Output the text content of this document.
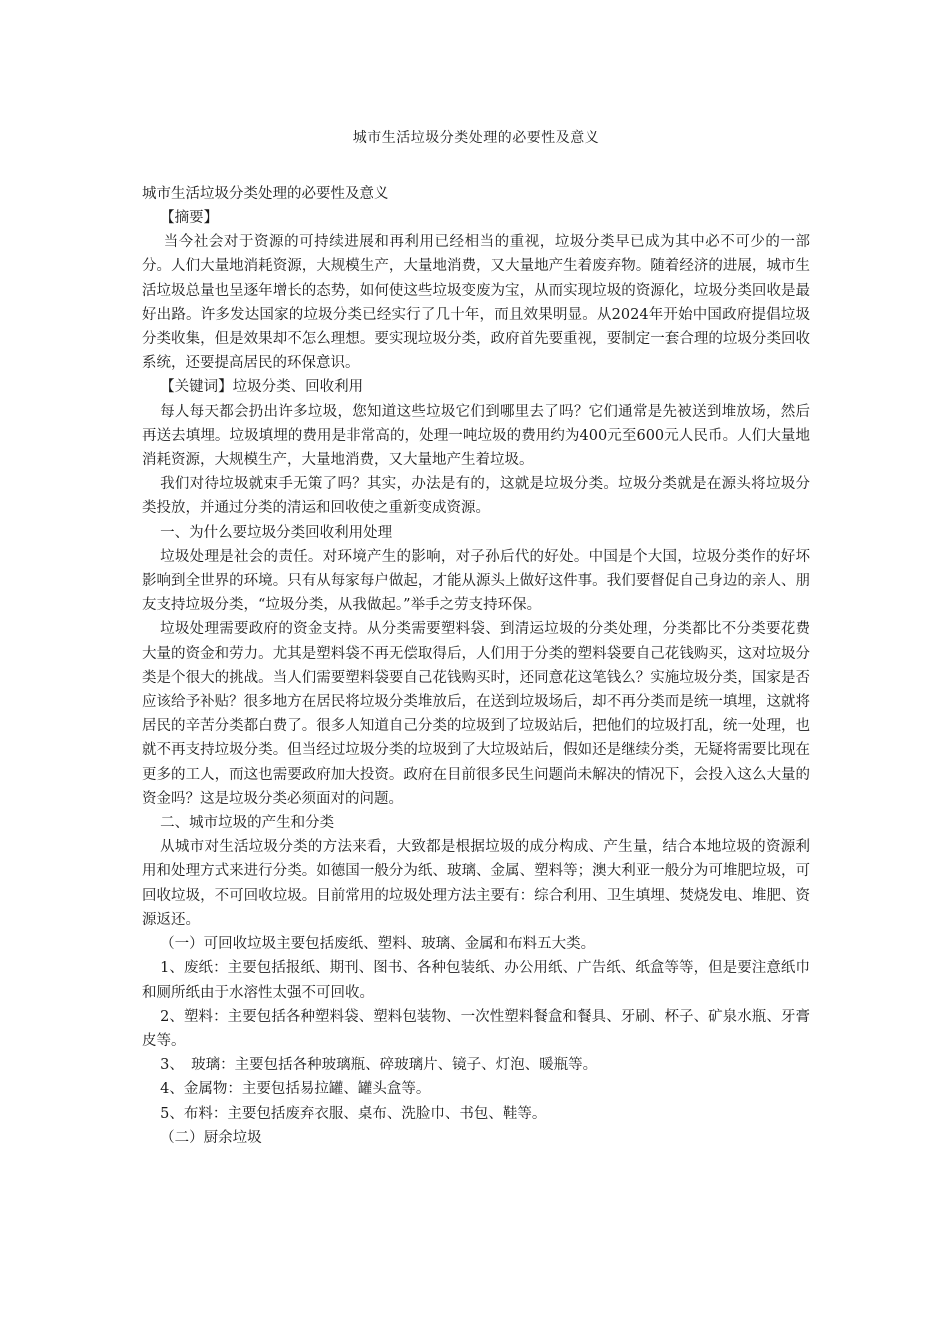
城市生活垃圾分类处理的必要性及意义

城市生活垃圾分类处理的必要性及意义

【摘要】

当今社会对于资源的可持续进展和再利用已经相当的重视，垃圾分类早已成为其中必不可少的一部分。人们大量地消耗资源，大规模生产，大量地消费，又大量地产生着废弃物。随着经济的进展，城市生活垃圾总量也呈逐年增长的态势，如何使这些垃圾变废为宝，从而实现垃圾的资源化，垃圾分类回收是最好出路。许多发达国家的垃圾分类已经实行了几十年，而且效果明显。从2024年开始中国政府提倡垃圾分类收集，但是效果却不怎么理想。要实现垃圾分类，政府首先要重视，要制定一套合理的垃圾分类回收系统，还要提高居民的环保意识。

【关键词】垃圾分类、回收利用

每人每天都会扔出许多垃圾，您知道这些垃圾它们到哪里去了吗？它们通常是先被送到堆放场，然后再送去填埋。垃圾填埋的费用是非常高的，处理一吨垃圾的费用约为400元至600元人民币。人们大量地消耗资源，大规模生产，大量地消费，又大量地产生着垃圾。

我们对待垃圾就束手无策了吗？其实，办法是有的，这就是垃圾分类。垃圾分类就是在源头将垃圾分类投放，并通过分类的清运和回收使之重新变成资源。

一、为什么要垃圾分类回收利用处理

垃圾处理是社会的责任。对环境产生的影响，对子孙后代的好处。中国是个大国，垃圾分类作的好坏影响到全世界的环境。只有从每家每户做起，才能从源头上做好这件事。我们要督促自己身边的亲人、朋友支持垃圾分类，“垃圾分类，从我做起。”举手之劳支持环保。

垃圾处理需要政府的资金支持。从分类需要塑料袋、到清运垃圾的分类处理，分类都比不分类要花费大量的资金和劳力。尤其是塑料袋不再无偿取得后，人们用于分类的塑料袋要自己花钱购买，这对垃圾分类是个很大的挑战。当人们需要塑料袋要自己花钱购买时，还同意花这笔钱么？实施垃圾分类，国家是否应该给予补贴？很多地方在居民将垃圾分类堆放后，在送到垃圾场后，却不再分类而是统一填埋，这就将居民的辛苦分类都白费了。很多人知道自己分类的垃圾到了垃圾站后，把他们的垃圾打乱，统一处理，也就不再支持垃圾分类。但当经过垃圾分类的垃圾到了大垃圾站后，假如还是继续分类，无疑将需要比现在更多的工人，而这也需要政府加大投资。政府在目前很多民生问题尚未解决的情况下，会投入这么大量的资金吗？这是垃圾分类必须面对的问题。

二、城市垃圾的产生和分类

从城市对生活垃圾分类的方法来看，大致都是根据垃圾的成分构成、产生量，结合本地垃圾的资源利用和处理方式来进行分类。如德国一般分为纸、玻璃、金属、塑料等；澳大利亚一般分为可堆肥垃圾，可回收垃圾，不可回收垃圾。目前常用的垃圾处理方法主要有：综合利用、卫生填埋、焚烧发电、堆肥、资源返还。

（一）可回收垃圾主要包括废纸、塑料、玻璃、金属和布料五大类。

1、废纸：主要包括报纸、期刊、图书、各种包装纸、办公用纸、广告纸、纸盒等等，但是要注意纸巾和厕所纸由于水溶性太强不可回收。

2、塑料：主要包括各种塑料袋、塑料包装物、一次性塑料餐盒和餐具、牙刷、杯子、矿泉水瓶、牙膏皮等。

3、　玻璃：主要包括各种玻璃瓶、碎玻璃片、镜子、灯泡、暖瓶等。

4、金属物：主要包括易拉罐、罐头盒等。

5、布料：主要包括废弃衣服、桌布、洗脸巾、书包、鞋等。

（二）厨余垃圾
